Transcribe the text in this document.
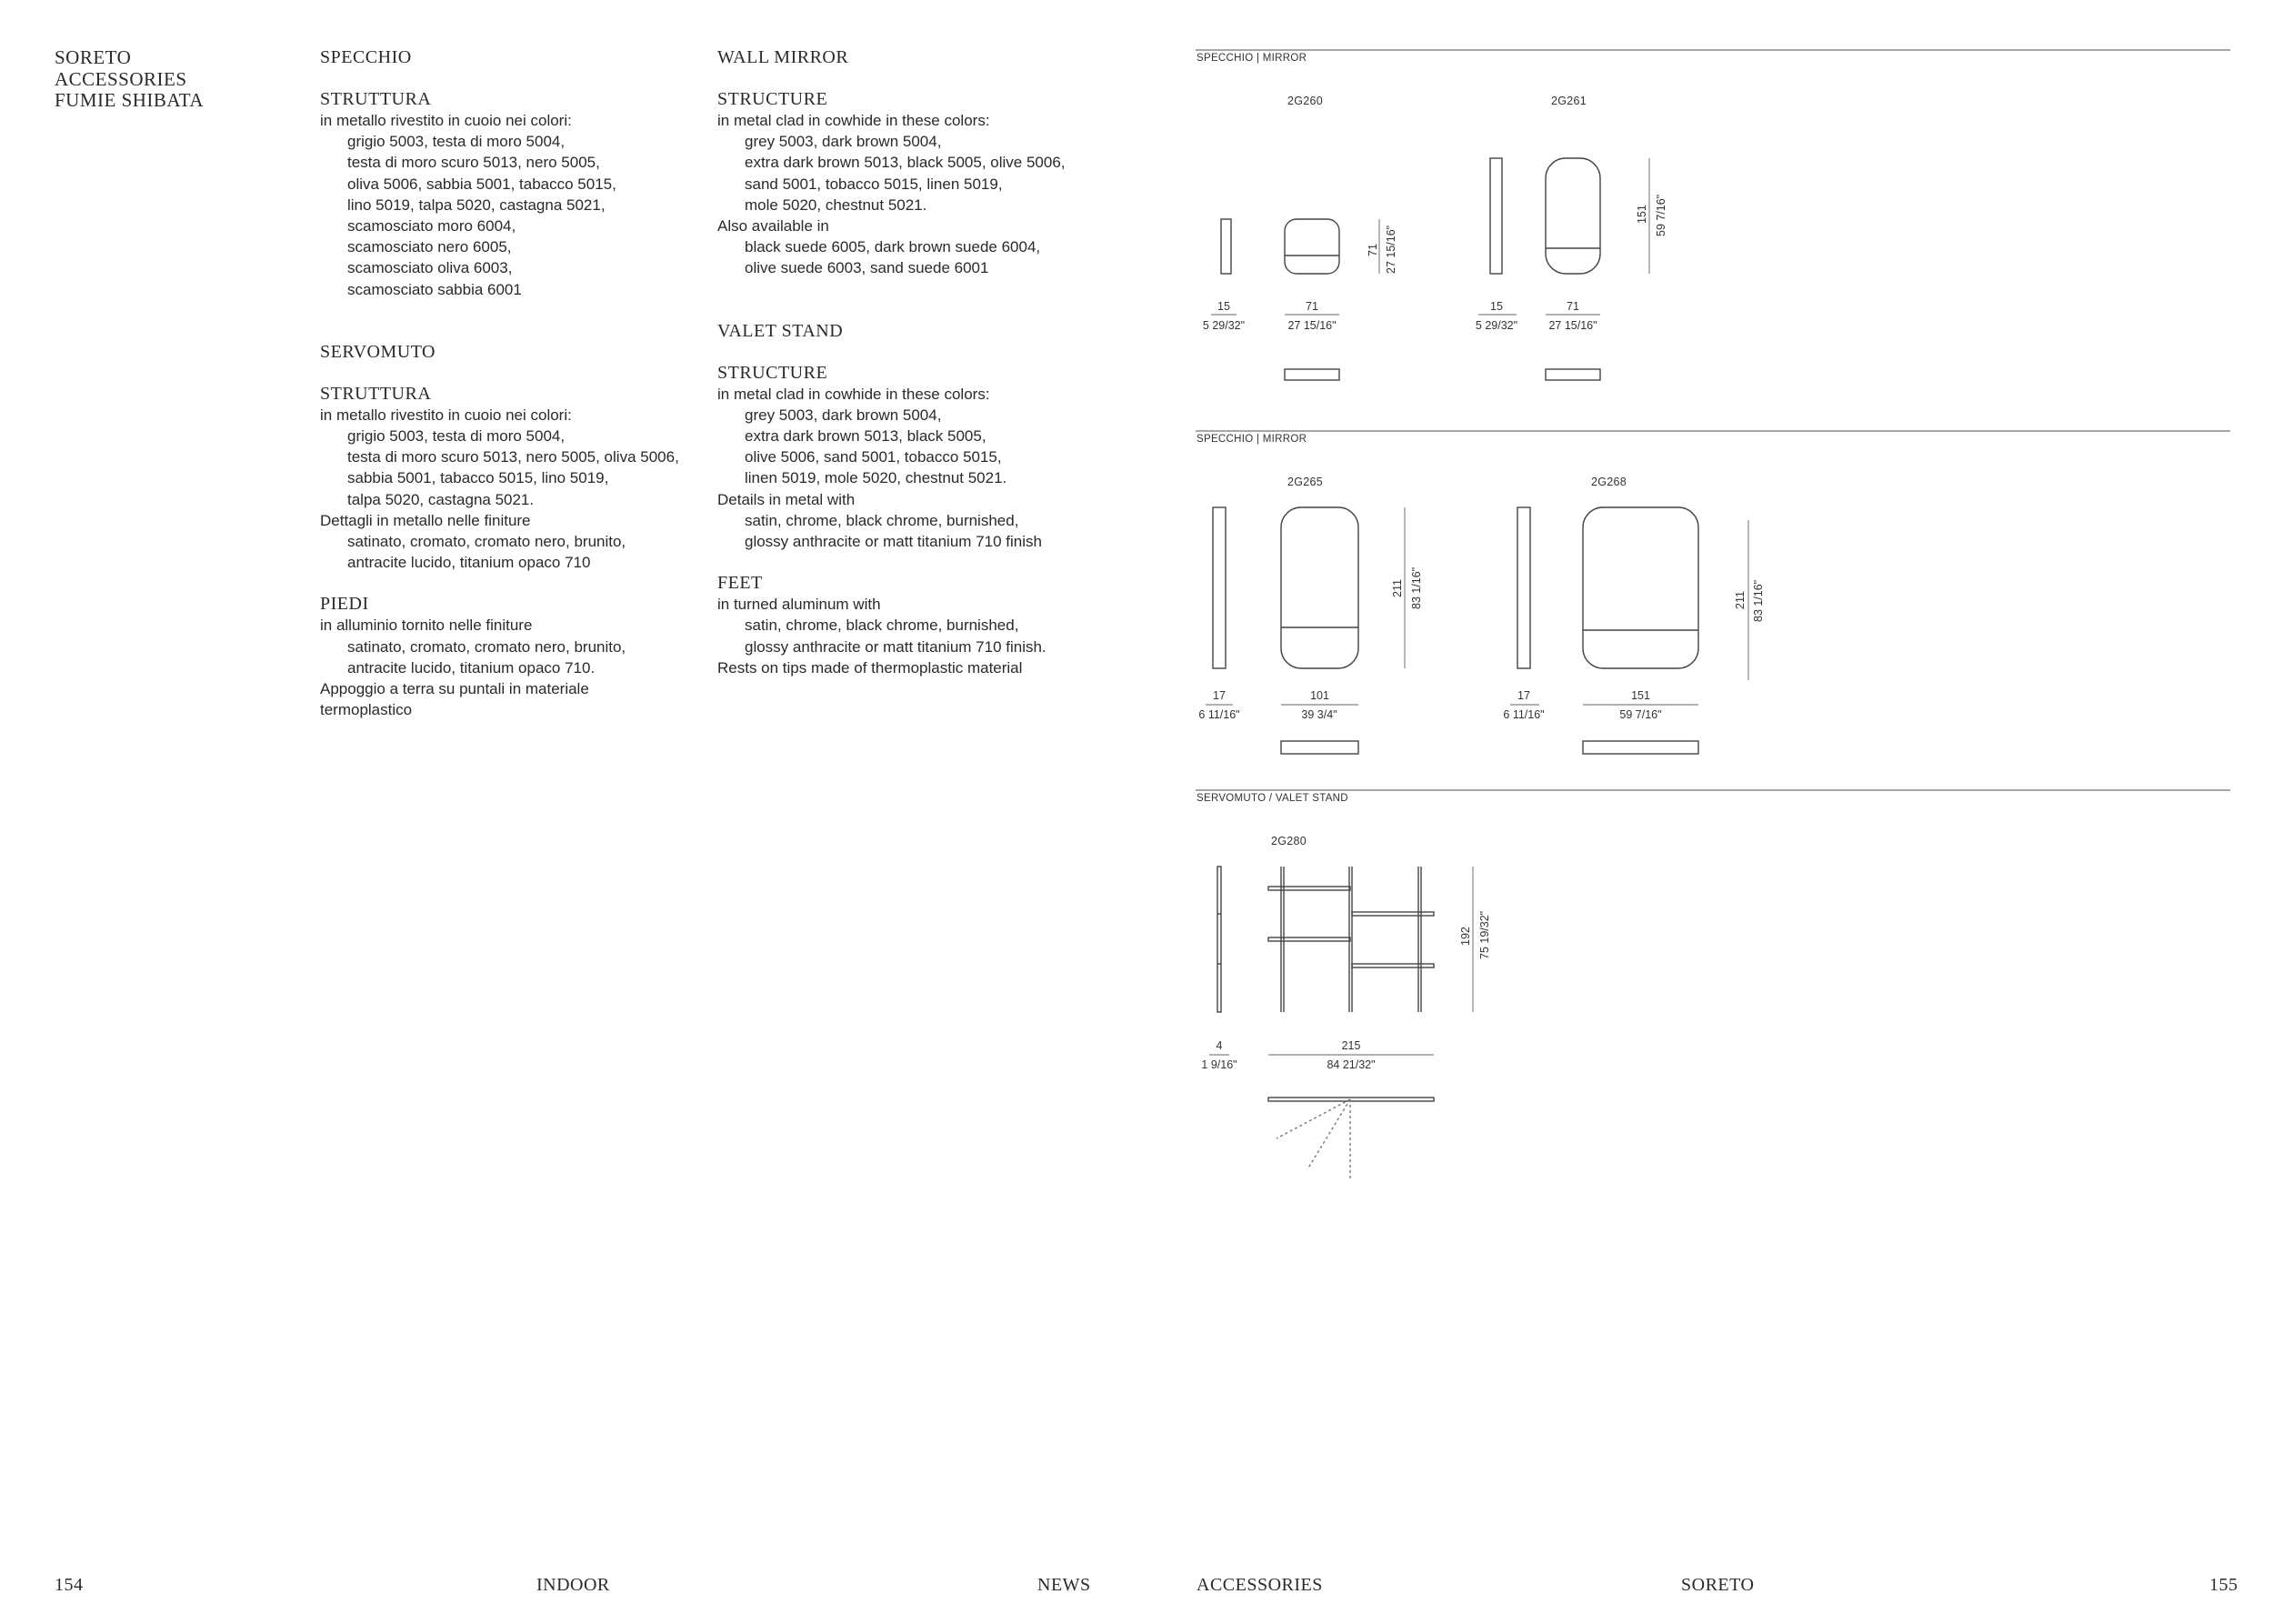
SORETO
ACCESSORIES
FUMIE SHIBATA
SPECCHIO
STRUTTURA
in metallo rivestito in cuoio nei colori:
grigio 5003, testa di moro 5004,
testa di moro scuro 5013, nero 5005,
oliva 5006, sabbia 5001, tabacco 5015,
lino 5019, talpa 5020, castagna 5021,
scamosciato moro 6004,
scamosciato nero 6005,
scamosciato oliva 6003,
scamosciato sabbia 6001
SERVOMUTO
STRUTTURA
in metallo rivestito in cuoio nei colori:
grigio 5003, testa di moro 5004,
testa di moro scuro 5013, nero 5005, oliva 5006,
sabbia 5001, tabacco 5015, lino 5019,
talpa 5020, castagna 5021.
Dettagli in metallo nelle finiture
satinato, cromato, cromato nero, brunito,
antracite lucido, titanium opaco 710
PIEDI
in alluminio tornito nelle finiture
satinato, cromato, cromato nero, brunito,
antracite lucido, titanium opaco 710.
Appoggio a terra su puntali in materiale
termoplastico
WALL MIRROR
STRUCTURE
in metal clad in cowhide in these colors:
grey 5003, dark brown 5004,
extra dark brown 5013, black 5005, olive 5006,
sand 5001, tobacco 5015, linen 5019,
mole 5020, chestnut 5021.
Also available in
black suede 6005, dark brown suede 6004,
olive suede 6003, sand suede 6001
VALET STAND
STRUCTURE
in metal clad in cowhide in these colors:
grey 5003, dark brown 5004,
extra dark brown 5013, black 5005,
olive 5006, sand 5001, tobacco 5015,
linen 5019, mole 5020, chestnut 5021.
Details in metal with
satin, chrome, black chrome, burnished,
glossy anthracite or matt titanium 710 finish
FEET
in turned aluminum with
satin, chrome, black chrome, burnished,
glossy anthracite or matt titanium 710 finish.
Rests on tips made of thermoplastic material
SPECCHIO | MIRROR
SPECCHIO | MIRROR
SERVOMUTO / VALET STAND
2G260
15
5 29/32"
71
27 15/16"
71 27 15/16"
2G261
15
5 29/32"
71
27 15/16"
151 59 7/16"
2G265
17
6 11/16"
101
39 3/4"
211 83 1/16"
2G268
17
6 11/16"
151
59 7/16"
211 83 1/16"
2G280
4
1 9/16"
215
84 21/32"
192 75 19/32"
154	INDOOR	NEWS	ACCESSORIES	SORETO	155
